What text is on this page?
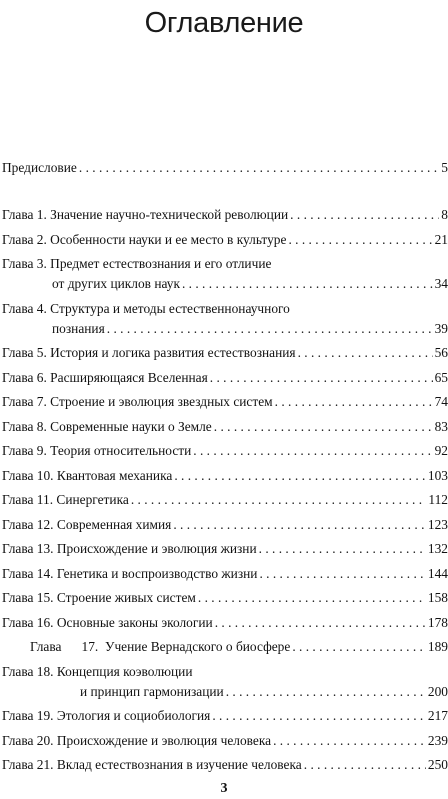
Оглавление
Предисловие . . .	5
Глава 1. Значение научно-технической революции . . .	8
Глава 2. Особенности науки и ее место в культуре . . .	21
Глава 3. Предмет естествознания и его отличие
от других циклов наук . . .	34
Глава 4. Структура и методы естественнонаучного
познания . . .	39
Глава 5. История и логика развития естествознания . . .	56
Глава 6. Расширяющаяся Вселенная . . .	65
Глава 7. Строение и эволюция звездных систем . . .	74
Глава 8. Современные науки о Земле . . .	83
Глава 9. Теория относительности . . .	92
Глава 10. Квантовая механика . . .	103
Глава 11. Синергетика . . .	112
Глава 12. Современная химия . . .	123
Глава 13. Происхождение и эволюция жизни . . .	132
Глава 14. Генетика и воспроизводство жизни . . .	144
Глава 15. Строение живых систем . . .	158
Глава 16. Основные законы экологии . . .	178
Глава      17.  Учение Вернадского о биосфере . . .	189
Глава 18. Концепция коэволюции
и принцип гармонизации . . .	200
Глава 19. Этология и социобиология . . .	217
Глава 20. Происхождение и эволюция человека . . .	239
Глава 21. Вклад естествознания в изучение человека . . .	250
3
